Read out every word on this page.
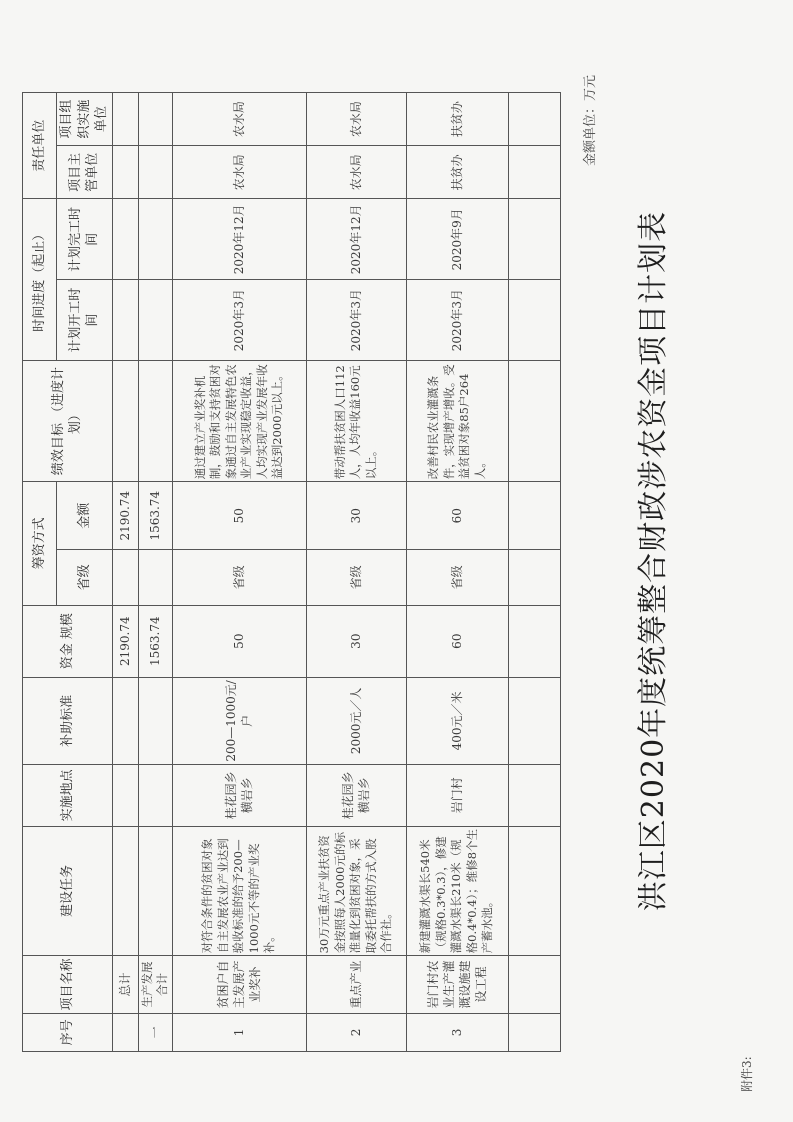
洪江区2020年度统筹整合财政涉农资金项目计划表
附件3:
金额单位：万元
序号	项目名称	建设任务	实施地点	补助标准	资金 规模	筹资方式		绩效目标 （进度计划）	时间进度（起止）		责任单位	
						省级	金额		计划开工时间	计划完工时间	项目主管单位	项目组织实施单位
	总计				2190.74		2190.74					
一	生产发展合计				1563.74		1563.74					
1	贫困户自主发展产业奖补	对符合条件的贫困对象自主发展农业产业达到验收标准的给予200—1000元不等的产业奖补。	桂花园乡横岩乡	200—1000元/户	50	省级	50	通过建立产业奖补机制，鼓励和支持贫困对象通过自主发展特色农业产业实现稳定收益，人均实现产业发展年收益达到2000元以上。	2020年3月	2020年12月	农水局	农水局
2	重点产业	30万元重点产业扶贫资金按照每人2000元的标准量化到贫困对象，采取委托帮扶的方式入股合作社。	桂花园乡横岩乡	2000元／人	30	省级	30	带动帮扶贫困人口112人，人均年收益160元以上。	2020年3月	2020年12月	农水局	农水局
3	岩门村农业生产灌溉设施建设工程	新建灌溉水渠长540米（规格0.3*0.3），修建灌溉水渠长210米（规格0.4*0.4）；维修8个生产蓄水池。	岩门村	400元／米	60	省级	60	改善村民农业灌溉条件，实现增产增收。受益贫困对象85户264人。	2020年3月	2020年9月	扶贫办	扶贫办
